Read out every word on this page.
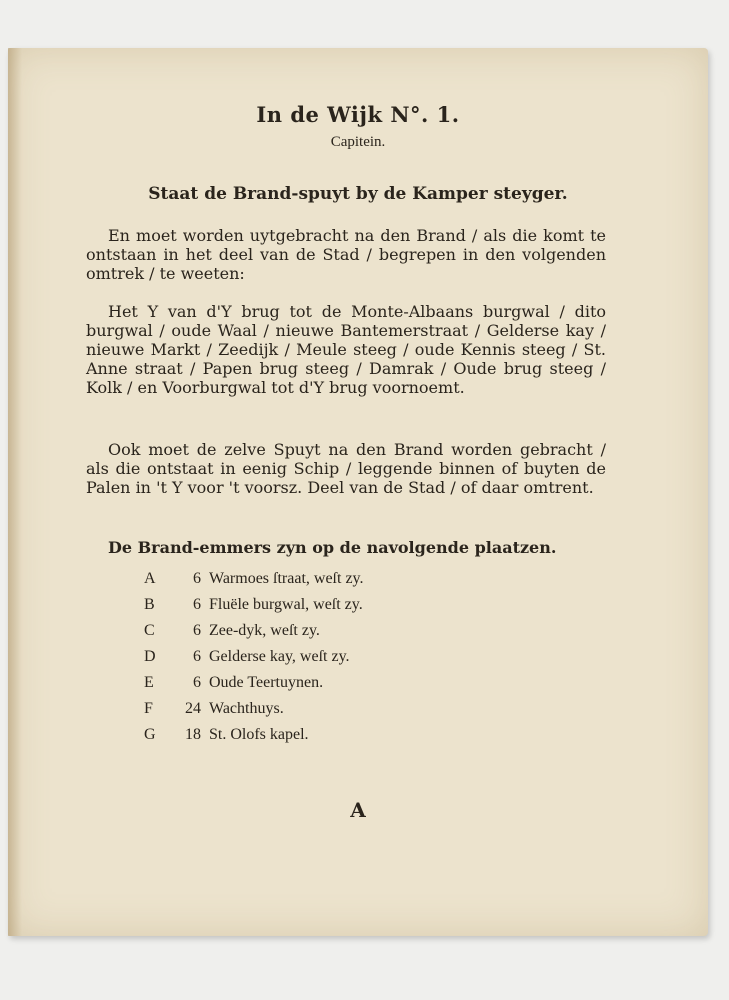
In de Wijk N°. 1.
Capitein.
Staat de Brand-spuyt by de Kamper steyger.
En moet worden uytgebracht na den Brand / als die komt te ontstaan in het deel van de Stad / begrepen in den volgenden omtrek / te weeten:
Het Y van d'Y brug tot de Monte-Albaans burgwal / dito burgwal / oude Waal / nieuwe Bantemerstraat / Gelderse kay / nieuwe Markt / Zeedijk / Meule steeg / oude Kennis steeg / St. Anne straat / Papen brug steeg / Damrak / Oude brug steeg / Kolk / en Voorburgwal tot d'Y brug voornoemt.
Ook moet de zelve Spuyt na den Brand worden gebracht / als die ontstaat in eenig Schip / leggende binnen of buyten de Palen in 't Y voor 't voorsz. Deel van de Stad / of daar omtrent.
De Brand-emmers zyn op de navolgende plaatzen.
A	6 Warmoes ſtraat, weſt zy.
B	6 Fluële burgwal, weſt zy.
C	6 Zee-dyk, weſt zy.
D	6 Gelderse kay, weſt zy.
E	6 Oude Teertuynen.
F	24 Wachthuys.
G	18 St. Olofs kapel.
A
